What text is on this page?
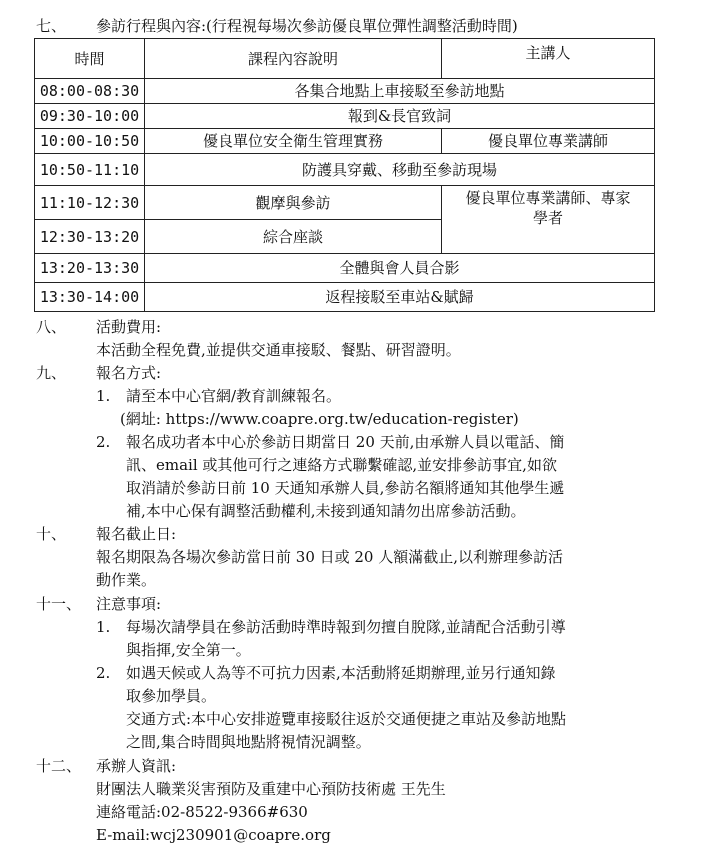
七、 參訪行程與內容:(行程視每場次參訪優良單位彈性調整活動時間)
時間	課程內容說明	主講人
08:00-08:30	各集合地點上車接駁至參訪地點	
09:30-10:00	報到&長官致詞	
10:00-10:50	優良單位安全衛生管理實務	優良單位專業講師
10:50-11:10	防護具穿戴、移動至參訪現場	
11:10-12:30	觀摩與參訪	優良單位專業講師、專家
學者

12:30-13:20	綜合座談	
13:20-13:30	全體與會人員合影	
13:30-14:00	返程接駁至車站&賦歸	
八、 活動費用:
本活動全程免費,並提供交通車接駁、餐點、研習證明。
九、 報名方式:
1. 請至本中心官網/教育訓練報名。
(網址: https://www.coapre.org.tw/education-register)
2. 報名成功者本中心於參訪日期當日 20 天前,由承辦人員以電話、簡
訊、email 或其他可行之連絡方式聯繫確認,並安排參訪事宜,如欲
取消請於參訪日前 10 天通知承辦人員,參訪名額將通知其他學生遞
補,本中心保有調整活動權利,未接到通知請勿出席參訪活動。
十、 報名截止日:
報名期限為各場次參訪當日前 30 日或 20 人額滿截止,以利辦理參訪活
動作業。
十一、 注意事項:
1. 每場次請學員在參訪活動時準時報到勿擅自脫隊,並請配合活動引導
與指揮,安全第一。
2. 如遇天候或人為等不可抗力因素,本活動將延期辦理,並另行通知錄
取參加學員。
交通方式:本中心安排遊覽車接駁往返於交通便捷之車站及參訪地點
之間,集合時間與地點將視情況調整。
十二、 承辦人資訊:
財團法人職業災害預防及重建中心預防技術處 王先生
連絡電話:02-8522-9366#630
E-mail:wcj230901@coapre.org
